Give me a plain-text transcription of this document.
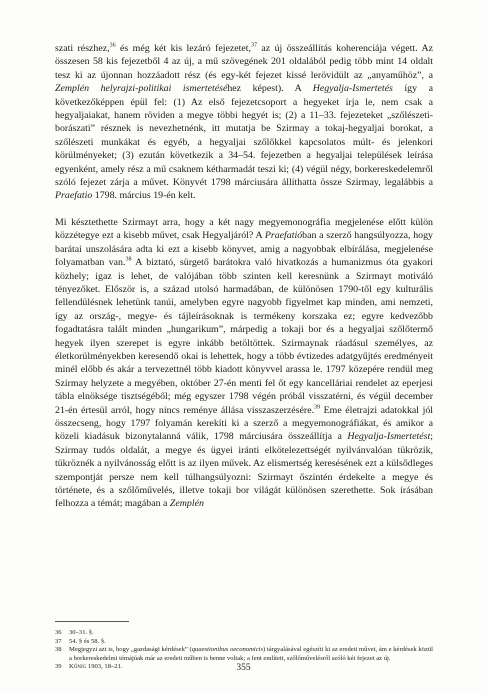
szati részhez,$^{36}$ és még két kis lezáró fejezetet,$^{37}$ az új összeállítás koherenciája végett. Az összesen 58 kis fejezetből 4 az új, a mű szövegének 201 oldalából pedig több mint 14 oldalt tesz ki az újonnan hozzáadott rész (és egy-két fejezet kissé lerövidült az „anyaműhöz”, a Zemplén helyrajzi-politikai ismertetéséhez képest). A Hegyalja-Ismertetés így a következőképpen épül fel: (1) Az első fejezetcsoport a hegyeket írja le, nem csak a hegyaljaiakat, hanem röviden a megye többi hegyét is; (2) a 11–33. fejezeteket „szőlészeti-borászati” résznek is nevezhetnénk, itt mutatja be Szirmay a tokaj-hegyaljai borokat, a szőlészeti munkákat és egyéb, a hegyaljai szőlőkkel kapcsolatos múlt- és jelenkori körülményeket; (3) ezután következik a 34–54. fejezetben a hegyaljai települések leírása egyenként, amely rész a mű csaknem kétharmadát teszi ki; (4) végül négy, borkereskedelemről szóló fejezet zárja a művet. Könyvét 1798 márciusára állíthatta össze Szirmay, legalábbis a Praefatio 1798. március 19-én kelt.

Mi késztethette Szirmayt arra, hogy a két nagy megyemonográfia megjelenése előtt külön közzétegye ezt a kisebb művet, csak Hegyaljáról? A Praefatióban a szerző hangsúlyozza, hogy barátai unszolására adta ki ezt a kisebb könyvet, amig a nagyobbak elbírálása, megjelenése folyamatban van.$^{38}$ A biztató, sürgető barátokra való hivatkozás a humanizmus óta gyakori közhely; igaz is lehet, de valójában több szinten kell keresnünk a Szirmayt motiváló tényezőket. Először is, a század utolsó harmadában, de különösen 1790-től egy kulturális fellendülésnek lehetünk tanúi, amelyben egyre nagyobb figyelmet kap minden, ami nemzeti, így az ország-, megye- és tájleírásoknak is termékeny korszaka ez; egyre kedvezőbb fogadtatásra talált minden „hungarikum”, márpedig a tokaji bor és a hegyaljai szőlőtermő hegyek ilyen szerepet is egyre inkább betöltöttek. Szirmaynak ráadásul személyes, az életkorülményekben keresendő okai is lehettek, hogy a több évtizedes adatgyűjtés eredményeit minél előbb és akár a tervezettnél több kiadott könyvvel arassa le. 1797 közepére rendül meg Szirmay helyzete a megyében, október 27-én menti fel őt egy kancelláriai rendelet az eperjesi tábla elnöksége tisztségéből; még egyszer 1798 végén próbál visszatérni, és végül december 21-én értesül arról, hogy nincs reménye állása visszaszerzésére.$^{39}$ Eme életrajzi adatokkal jól összecseng, hogy 1797 folyamán kerekíti ki a szerző a megyemonográfiákat, és amikor a közeli kiadásuk bizonytalanná válik, 1798 márciusára összeállítja a Hegyalja-Ismertetést; Szirmay tudós oldalát, a megye és ügyei iránti elkötelezettségét nyilvánvalóan tükrözik, tükröznék a nyilvánosság előtt is az ilyen művek. Az elismertség keresésének ezt a külsődleges szempontját persze nem kell túlhangsúlyozni: Szirmayt őszintén érdekelte a megye és története, és a szőlőművelés, illetve tokaji bor világát különösen szerethette. Sok írásában felhozza a témát; magában a Zemplén

36	30–31. §.
37	54. § és 58. §.
38	Megjegyzi azt is, hogy „gazdasági kérdések” (quaestionibus oeconomicis) tárgyalásával egészíti ki az eredeti művet, ám e kérdések közül a borkereskedelmi témájúak már az eredeti műben is benne voltak; a fent említett, szőlőművelésről szóló két fejezet az új.
39	Kónig 1903, 18–21.	355
